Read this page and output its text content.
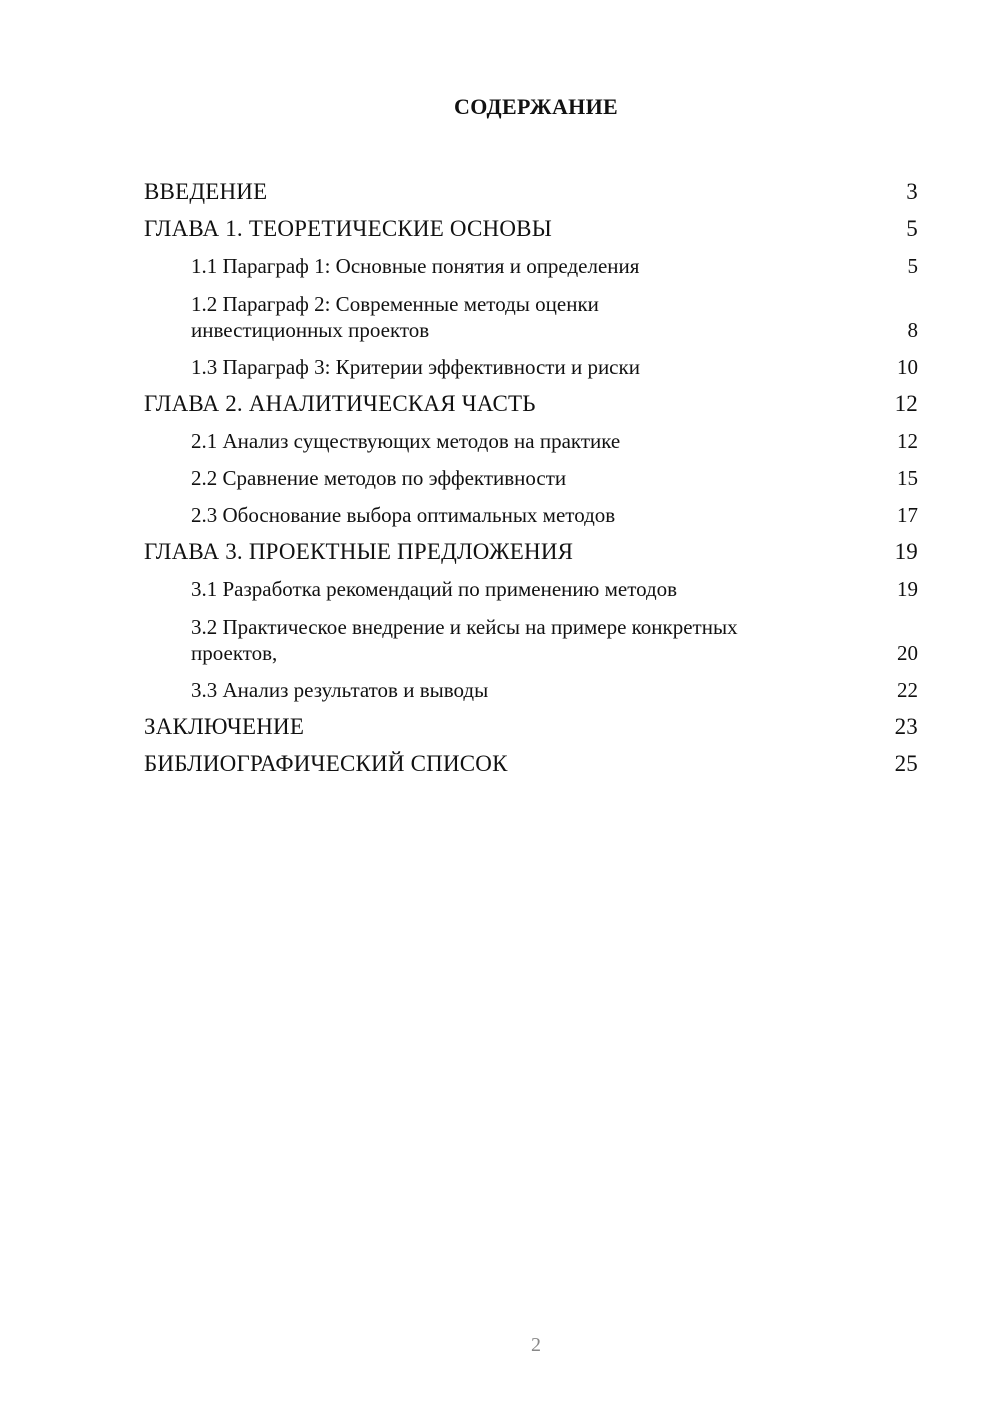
СОДЕРЖАНИЕ
ВВЕДЕНИЕ	3
ГЛАВА 1. ТЕОРЕТИЧЕСКИЕ ОСНОВЫ	5
1.1 Параграф 1: Основные понятия и определения	5
1.2 Параграф 2: Современные методы оценки инвестиционных проектов	8
1.3 Параграф 3: Критерии эффективности и риски	10
ГЛАВА 2. АНАЛИТИЧЕСКАЯ ЧАСТЬ	12
2.1 Анализ существующих методов на практике	12
2.2 Сравнение методов по эффективности	15
2.3 Обоснование выбора оптимальных методов	17
ГЛАВА 3. ПРОЕКТНЫЕ ПРЕДЛОЖЕНИЯ	19
3.1 Разработка рекомендаций по применению методов	19
3.2 Практическое внедрение и кейсы на примере конкретных проектов,	20
3.3 Анализ результатов и выводы	22
ЗАКЛЮЧЕНИЕ	23
БИБЛИОГРАФИЧЕСКИЙ СПИСОК	25
2
